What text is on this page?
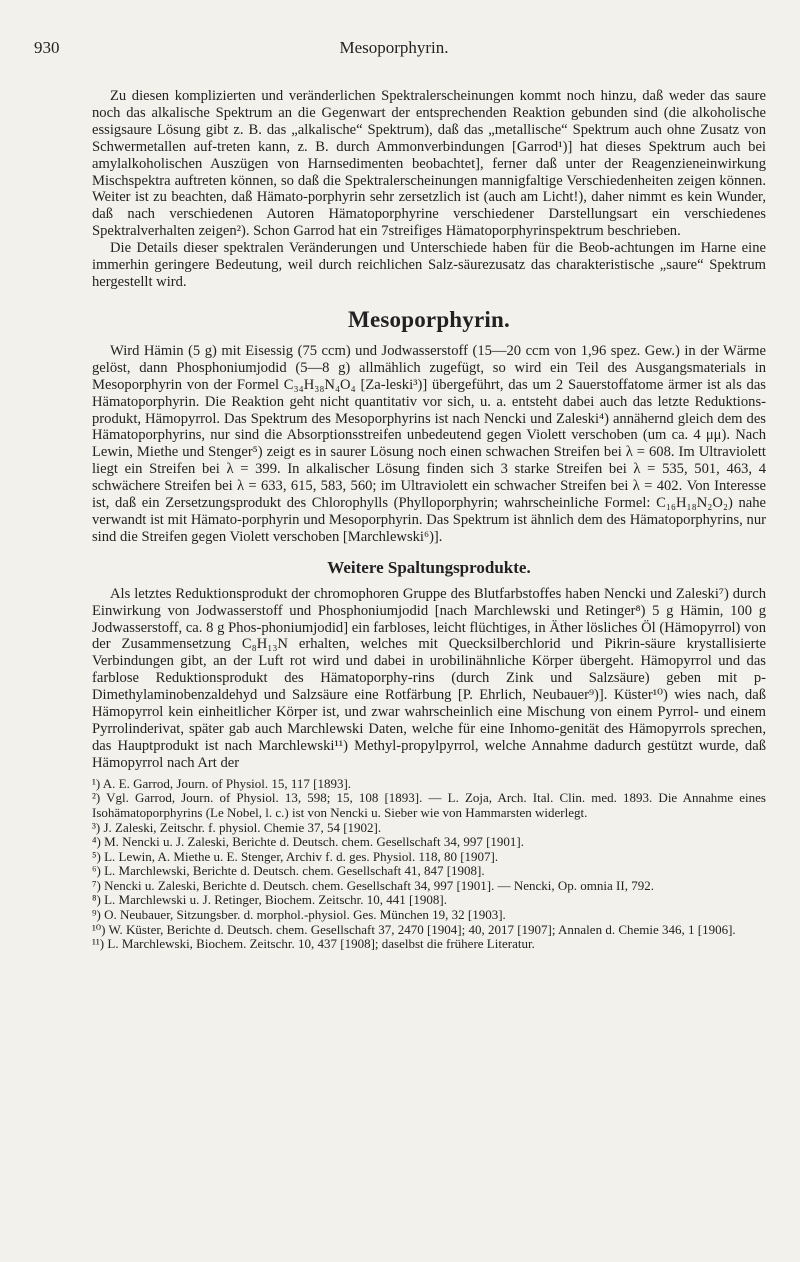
930	Mesoporphyrin.

Zu diesen komplizierten und veränderlichen Spektralerscheinungen kommt noch hinzu, daß weder das saure noch das alkalische Spektrum an die Gegenwart der entsprechenden Reaktion gebunden sind (die alkoholische essigsaure Lösung gibt z. B. das „alkalische“ Spektrum), daß das „metallische“ Spektrum auch ohne Zusatz von Schwermetallen auf-treten kann, z. B. durch Ammonverbindungen [Garrod¹)] hat dieses Spektrum auch bei amylalkoholischen Auszügen von Harnsedimenten beobachtet], ferner daß unter der Reagenzieneinwirkung Mischspektra auftreten können, so daß die Spektralerscheinungen mannigfaltige Verschiedenheiten zeigen können. Weiter ist zu beachten, daß Hämato-porphyrin sehr zersetzlich ist (auch am Licht!), daher nimmt es kein Wunder, daß nach verschiedenen Autoren Hämatoporphyrine verschiedener Darstellungsart ein verschiedenes Spektralverhalten zeigen²). Schon Garrod hat ein 7streifiges Hämatoporphyrinspektrum beschrieben.

Die Details dieser spektralen Veränderungen und Unterschiede haben für die Beob-achtungen im Harne eine immerhin geringere Bedeutung, weil durch reichlichen Salz-säurezusatz das charakteristische „saure“ Spektrum hergestellt wird.

Mesoporphyrin.

Wird Hämin (5 g) mit Eisessig (75 ccm) und Jodwasserstoff (15—20 ccm von 1,96 spez. Gew.) in der Wärme gelöst, dann Phosphoniumjodid (5—8 g) allmählich zugefügt, so wird ein Teil des Ausgangsmaterials in Mesoporphyrin von der Formel C₃₄H₃₈N₄O₄ [Za-leski³)] übergeführt, das um 2 Sauerstoffatome ärmer ist als das Hämatoporphyrin. Die Reaktion geht nicht quantitativ vor sich, u. a. entsteht dabei auch das letzte Reduktions-produkt, Hämopyrrol. Das Spektrum des Mesoporphyrins ist nach Nencki und Zaleski⁴) annähernd gleich dem des Hämatoporphyrins, nur sind die Absorptionsstreifen unbedeutend gegen Violett verschoben (um ca. 4 μμ). Nach Lewin, Miethe und Stenger⁵) zeigt es in saurer Lösung noch einen schwachen Streifen bei λ = 608. Im Ultraviolett liegt ein Streifen bei λ = 399. In alkalischer Lösung finden sich 3 starke Streifen bei λ = 535, 501, 463, 4 schwächere Streifen bei λ = 633, 615, 583, 560; im Ultraviolett ein schwacher Streifen bei λ = 402. Von Interesse ist, daß ein Zersetzungsprodukt des Chlorophylls (Phylloporphyrin; wahrscheinliche Formel: C₁₆H₁₈N₂O₂) nahe verwandt ist mit Hämato-porphyrin und Mesoporphyrin. Das Spektrum ist ähnlich dem des Hämatoporphyrins, nur sind die Streifen gegen Violett verschoben [Marchlewski⁶)].

Weitere Spaltungsprodukte.

Als letztes Reduktionsprodukt der chromophoren Gruppe des Blutfarbstoffes haben Nencki und Zaleski⁷) durch Einwirkung von Jodwasserstoff und Phosphoniumjodid [nach Marchlewski und Retinger⁸) 5 g Hämin, 100 g Jodwasserstoff, ca. 8 g Phos-phoniumjodid] ein farbloses, leicht flüchtiges, in Äther lösliches Öl (Hämopyrrol) von der Zusammensetzung C₈H₁₃N erhalten, welches mit Quecksilberchlorid und Pikrin-säure krystallisierte Verbindungen gibt, an der Luft rot wird und dabei in urobilinähnliche Körper übergeht. Hämopyrrol und das farblose Reduktionsprodukt des Hämatoporphy-rins (durch Zink und Salzsäure) geben mit p-Dimethylaminobenzaldehyd und Salzsäure eine Rotfärbung [P. Ehrlich, Neubauer⁹)]. Küster¹⁰) wies nach, daß Hämopyrrol kein einheitlicher Körper ist, und zwar wahrscheinlich eine Mischung von einem Pyrrol- und einem Pyrrolinderivat, später gab auch Marchlewski Daten, welche für eine Inhomo-genität des Hämopyrrols sprechen, das Hauptprodukt ist nach Marchlewski¹¹) Methyl-propylpyrrol, welche Annahme dadurch gestützt wurde, daß Hämopyrrol nach Art der

¹) A. E. Garrod, Journ. of Physiol. 15, 117 [1893].
²) Vgl. Garrod, Journ. of Physiol. 13, 598; 15, 108 [1893]. — L. Zoja, Arch. Ital. Clin. med. 1893. Die Annahme eines Isohämatoporphyrins (Le Nobel, l. c.) ist von Nencki u. Sieber wie von Hammarsten widerlegt.
³) J. Zaleski, Zeitschr. f. physiol. Chemie 37, 54 [1902].
⁴) M. Nencki u. J. Zaleski, Berichte d. Deutsch. chem. Gesellschaft 34, 997 [1901].
⁵) L. Lewin, A. Miethe u. E. Stenger, Archiv f. d. ges. Physiol. 118, 80 [1907].
⁶) L. Marchlewski, Berichte d. Deutsch. chem. Gesellschaft 41, 847 [1908].
⁷) Nencki u. Zaleski, Berichte d. Deutsch. chem. Gesellschaft 34, 997 [1901]. — Nencki, Op. omnia II, 792.
⁸) L. Marchlewski u. J. Retinger, Biochem. Zeitschr. 10, 441 [1908].
⁹) O. Neubauer, Sitzungsber. d. morphol.-physiol. Ges. München 19, 32 [1903].
¹⁰) W. Küster, Berichte d. Deutsch. chem. Gesellschaft 37, 2470 [1904]; 40, 2017 [1907]; Annalen d. Chemie 346, 1 [1906].
¹¹) L. Marchlewski, Biochem. Zeitschr. 10, 437 [1908]; daselbst die frühere Literatur.
